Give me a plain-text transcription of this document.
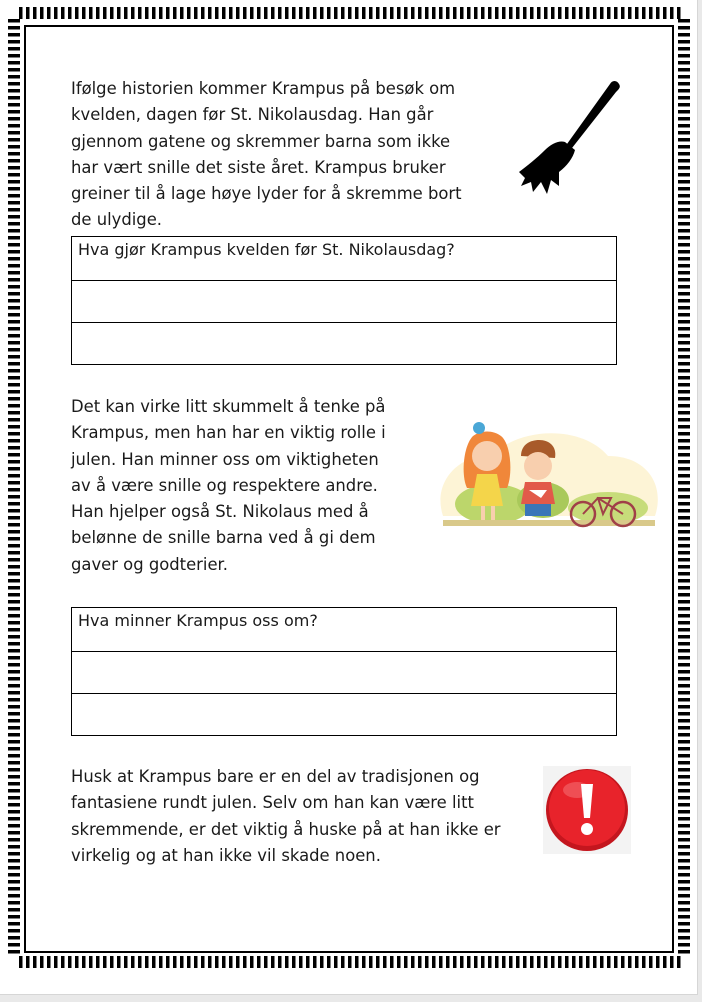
Ifølge historien kommer Krampus på besøk om
kvelden, dagen før St. Nikolausdag. Han går
gjennom gatene og skremmer barna som ikke
har vært snille det siste året. Krampus bruker
greiner til å lage høye lyder for å skremme bort
de ulydige.

Hva gjør Krampus kvelden før St. Nikolausdag?

Det kan virke litt skummelt å tenke på
Krampus, men han har en viktig rolle i
julen. Han minner oss om viktigheten
av å være snille og respektere andre.
Han hjelper også St. Nikolaus med å
belønne de snille barna ved å gi dem
gaver og godterier.

Hva minner Krampus oss om?

Husk at Krampus bare er en del av tradisjonen og
fantasiene rundt julen. Selv om han kan være litt
skremmende, er det viktig å huske på at han ikke er
virkelig og at han ikke vil skade noen.
